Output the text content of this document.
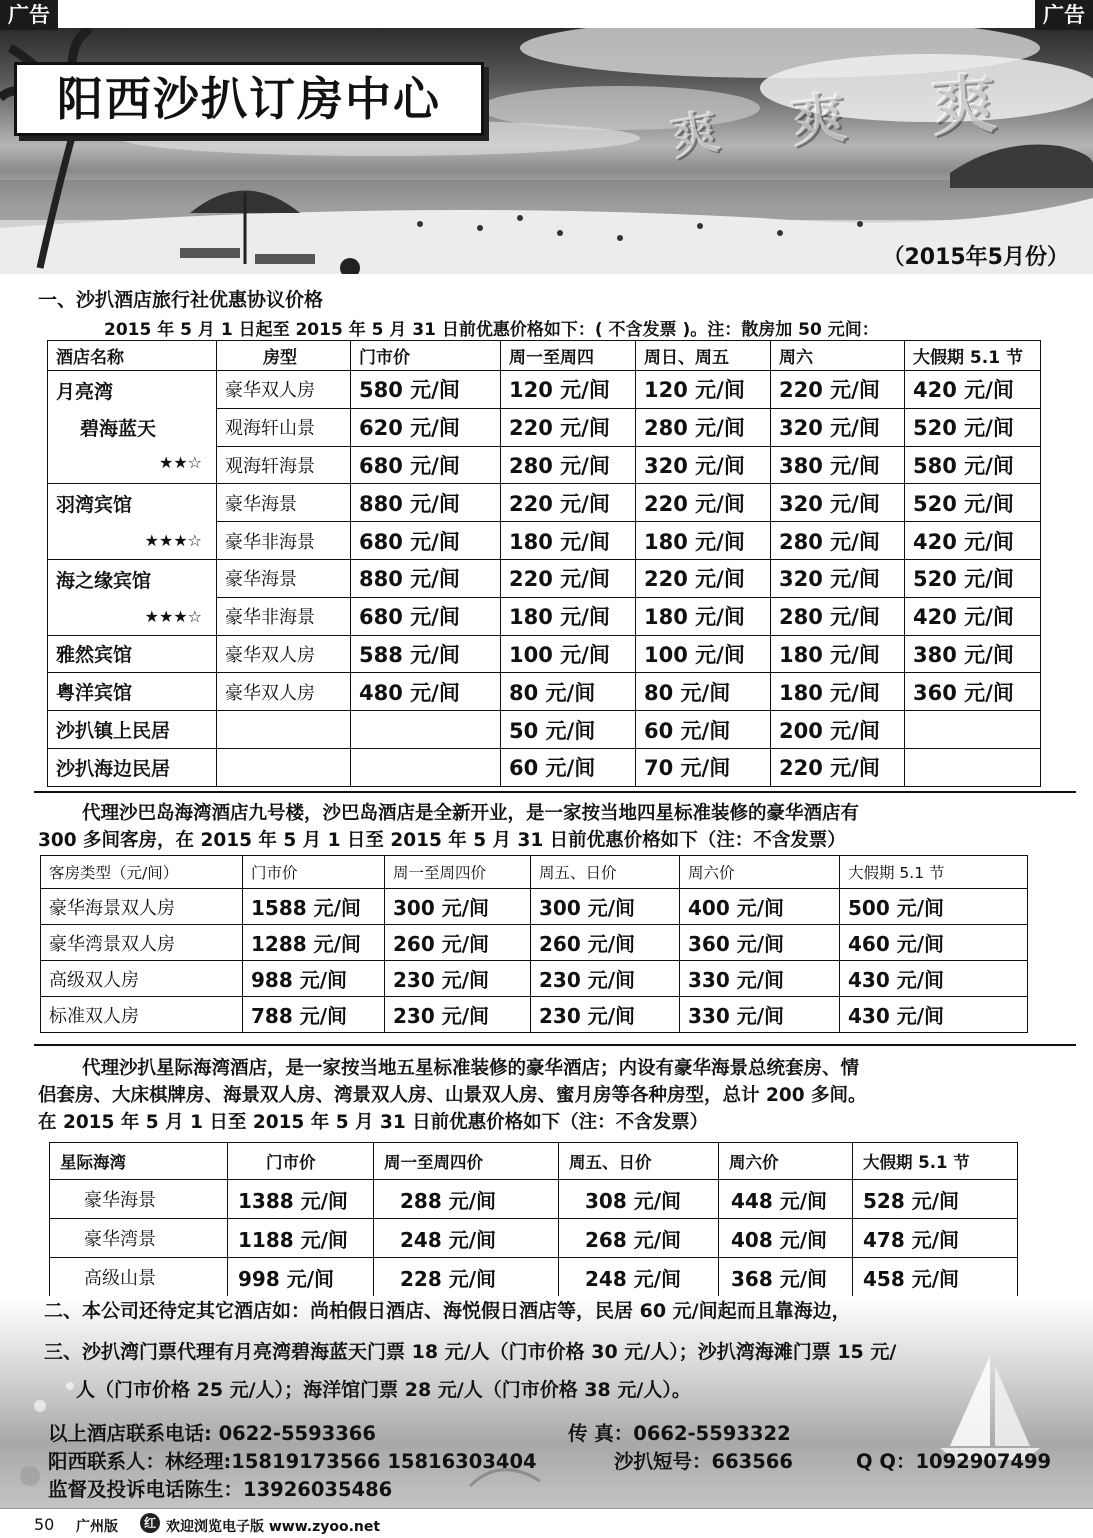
广告	广告
阳西沙扒订房中心
爽 爽 爽
（2015年5月份）
一、沙扒酒店旅行社优惠协议价格
2015 年 5 月 1 日起至 2015 年 5 月 31 日前优惠价格如下：( 不含发票 )。注：散房加 50 元间：
酒店名称	房型	门市价	周一至周四	周日、周五	周六	大假期 5.1 节

月亮湾
碧海蓝天
★★☆	豪华双人房	580 元/间	120 元/间	120 元/间	220 元/间	420 元/间
	观海轩山景	620 元/间	220 元/间	280 元/间	320 元/间	520 元/间
	观海轩海景	680 元/间	280 元/间	320 元/间	380 元/间	580 元/间

羽湾宾馆
★★★☆	豪华海景	880 元/间	220 元/间	220 元/间	320 元/间	520 元/间
	豪华非海景	680 元/间	180 元/间	180 元/间	280 元/间	420 元/间

海之缘宾馆
★★★☆	豪华海景	880 元/间	220 元/间	220 元/间	320 元/间	520 元/间
	豪华非海景	680 元/间	180 元/间	180 元/间	280 元/间	420 元/间
雅然宾馆	豪华双人房	588 元/间	100 元/间	100 元/间	180 元/间	380 元/间
粤洋宾馆	豪华双人房	480 元/间	80 元/间	80 元/间	180 元/间	360 元/间
沙扒镇上民居			50 元/间	60 元/间	200 元/间	
沙扒海边民居			60 元/间	70 元/间	220 元/间	

代理沙巴岛海湾酒店九号楼，沙巴岛酒店是全新开业，是一家按当地四星标准装修的豪华酒店有

300 多间客房，在 2015 年 5 月 1 日至 2015 年 5 月 31 日前优惠价格如下（注：不含发票）

客房类型（元/间）	门市价	周一至周四价	周五、日价	周六价	大假期 5.1 节
豪华海景双人房	1588 元/间	300 元/间	300 元/间	400 元/间	500 元/间
豪华湾景双人房	1288 元/间	260 元/间	260 元/间	360 元/间	460 元/间
高级双人房	988 元/间	230 元/间	230 元/间	330 元/间	430 元/间
标准双人房	788 元/间	230 元/间	230 元/间	330 元/间	430 元/间

代理沙扒星际海湾酒店，是一家按当地五星标准装修的豪华酒店；内设有豪华海景总统套房、情

侣套房、大床棋牌房、海景双人房、湾景双人房、山景双人房、蜜月房等各种房型，总计 200 多间。

在 2015 年 5 月 1 日至 2015 年 5 月 31 日前优惠价格如下（注：不含发票）

星际海湾	门市价	周一至周四价	周五、日价	周六价	大假期 5.1 节
豪华海景	1388 元/间	288 元/间	308 元/间	448 元/间	528 元/间
豪华湾景	1188 元/间	248 元/间	268 元/间	408 元/间	478 元/间
高级山景	998 元/间	228 元/间	248 元/间	368 元/间	458 元/间
二、本公司还待定其它酒店如：尚柏假日酒店、海悦假日酒店等，民居 60 元/间起而且靠海边，
三、沙扒湾门票代理有月亮湾碧海蓝天门票 18 元/人（门市价格 30 元/人）；沙扒湾海滩门票 15 元/
人（门市价格 25 元/人）；海洋馆门票 28 元/人（门市价格 38 元/人）。
以上酒店联系电话: 0622-5593366	传 真：0662-5593322
阳西联系人：林经理:15819173566 15816303404	沙扒短号：663566	Q Q：1092907499
监督及投诉电话陈生：13926035486
50 广州版	红 欢迎浏览电子版 www.zyoo.net
